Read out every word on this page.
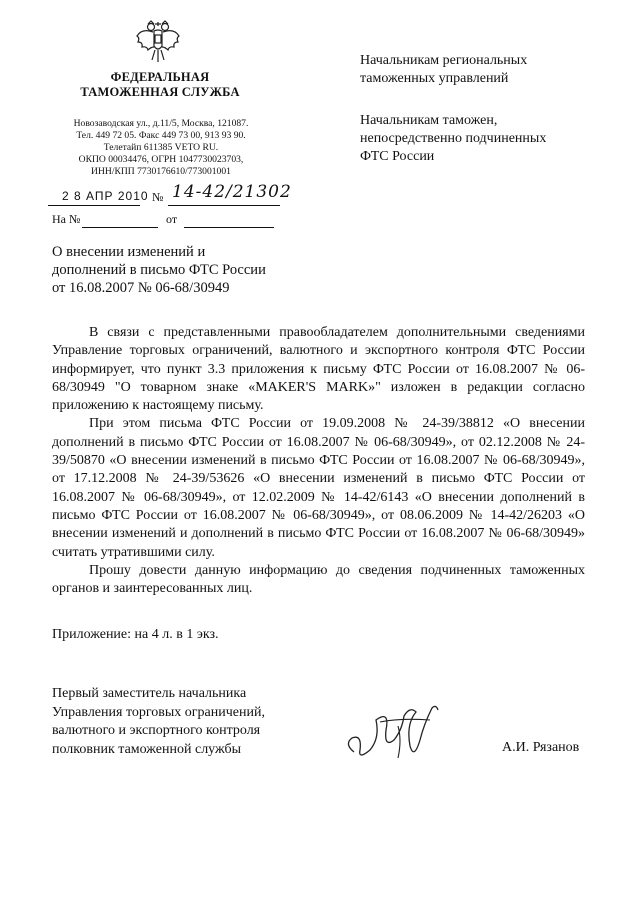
ФЕДЕРАЛЬНАЯ
ТАМОЖЕННАЯ СЛУЖБА
Новозаводская ул., д.11/5, Москва, 121087.
Тел. 449 72 05. Факс 449 73 00, 913 93 90.
Телетайп 611385 VETO RU.
ОКПО 00034476, ОГРН 1047730023703,
ИНН/КПП 7730176610/773001001
2 8 АПР 2010 № 14-42/21302
На №	от
Начальникам региональных
таможенных управлений
Начальникам таможен,
непосредственно подчиненных
ФТС России
О внесении изменений и
дополнений в письмо ФТС России
от 16.08.2007 № 06-68/30949

В связи с представленными правообладателем дополнительными сведениями Управление торговых ограничений, валютного и экспортного контроля ФТС России информирует, что пункт 3.3 приложения к письму ФТС России от 16.08.2007 № 06-68/30949 "О товарном знаке «MAKER'S MARK»" изложен в редакции согласно приложению к настоящему письму.

При этом письма ФТС России от 19.09.2008 № 24-39/38812 «О внесении дополнений в письмо ФТС России от 16.08.2007 № 06-68/30949», от 02.12.2008 № 24-39/50870 «О внесении изменений в письмо ФТС России от 16.08.2007 № 06-68/30949», от 17.12.2008 № 24-39/53626 «О внесении изменений в письмо ФТС России от 16.08.2007 № 06-68/30949», от 12.02.2009 № 14-42/6143 «О внесении дополнений в письмо ФТС России от 16.08.2007 № 06-68/30949», от 08.06.2009 № 14-42/26203 «О внесении изменений и дополнений в письмо ФТС России от 16.08.2007 № 06-68/30949» считать утратившими силу.

Прошу довести данную информацию до сведения подчиненных таможенных органов и заинтересованных лиц.

Приложение: на 4 л. в 1 экз.
Первый заместитель начальника
Управления торговых ограничений,
валютного и экспортного контроля
полковник таможенной службы	А.И. Рязанов
